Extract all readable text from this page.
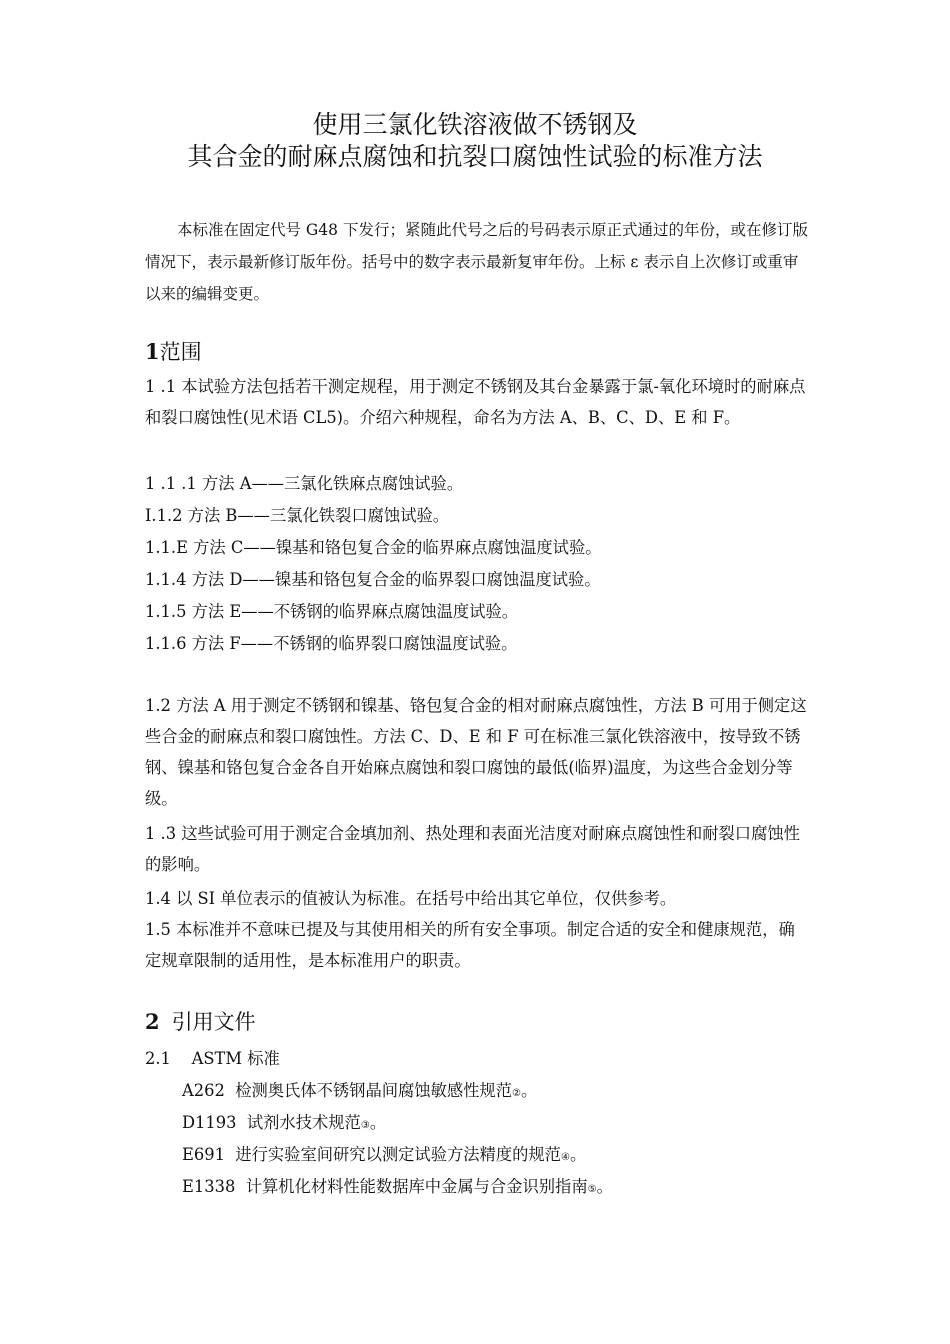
使用三氯化铁溶液做不锈钢及
其合金的耐麻点腐蚀和抗裂口腐蚀性试验的标准方法
本标准在固定代号 G48 下发行；紧随此代号之后的号码表示原正式通过的年份，或在修订版情况下，表示最新修订版年份。括号中的数字表示最新复审年份。上标 ε 表示自上次修订或重审以来的编辑变更。
1范围
1 .1 本试验方法包括若干测定规程，用于测定不锈钢及其台金暴露于氯-氧化环境时的耐麻点和裂口腐蚀性(见术语 CL5)。介绍六种规程，命名为方法 A、B、C、D、E 和 F。
1 .1 .1 方法 A——三氯化铁麻点腐蚀试验。
I.1.2 方法 B——三氯化铁裂口腐蚀试验。
1.1.E 方法 C——镍基和铬包复合金的临界麻点腐蚀温度试验。
1.1.4 方法 D——镍基和铬包复合金的临界裂口腐蚀温度试验。
1.1.5 方法 E——不锈钢的临界麻点腐蚀温度试验。
1.1.6 方法 F——不锈钢的临界裂口腐蚀温度试验。
1.2 方法 A 用于测定不锈钢和镍基、铬包复合金的相对耐麻点腐蚀性，方法 B 可用于侧定这些合金的耐麻点和裂口腐蚀性。方法 C、D、E 和 F 可在标准三氯化铁溶液中，按导致不锈钢、镍基和铬包复合金各自开始麻点腐蚀和裂口腐蚀的最低(临界)温度，为这些合金划分等级。
1 .3 这些试验可用于测定合金填加剂、热处理和表面光洁度对耐麻点腐蚀性和耐裂口腐蚀性的影响。
1.4 以 SI 单位表示的值被认为标准。在括号中给出其它单位，仅供参考。
1.5 本标准并不意味已提及与其使用相关的所有安全事项。制定合适的安全和健康规范，确定规章限制的适用性，是本标准用户的职责。
2 引用文件
2.1    ASTM 标准
A262 检测奥氏体不锈钢晶间腐蚀敏感性规范②。
D1193 试剂水技术规范③。
E691 进行实验室间研究以测定试验方法精度的规范④。
E1338 计算机化材料性能数据库中金属与合金识别指南⑤。
